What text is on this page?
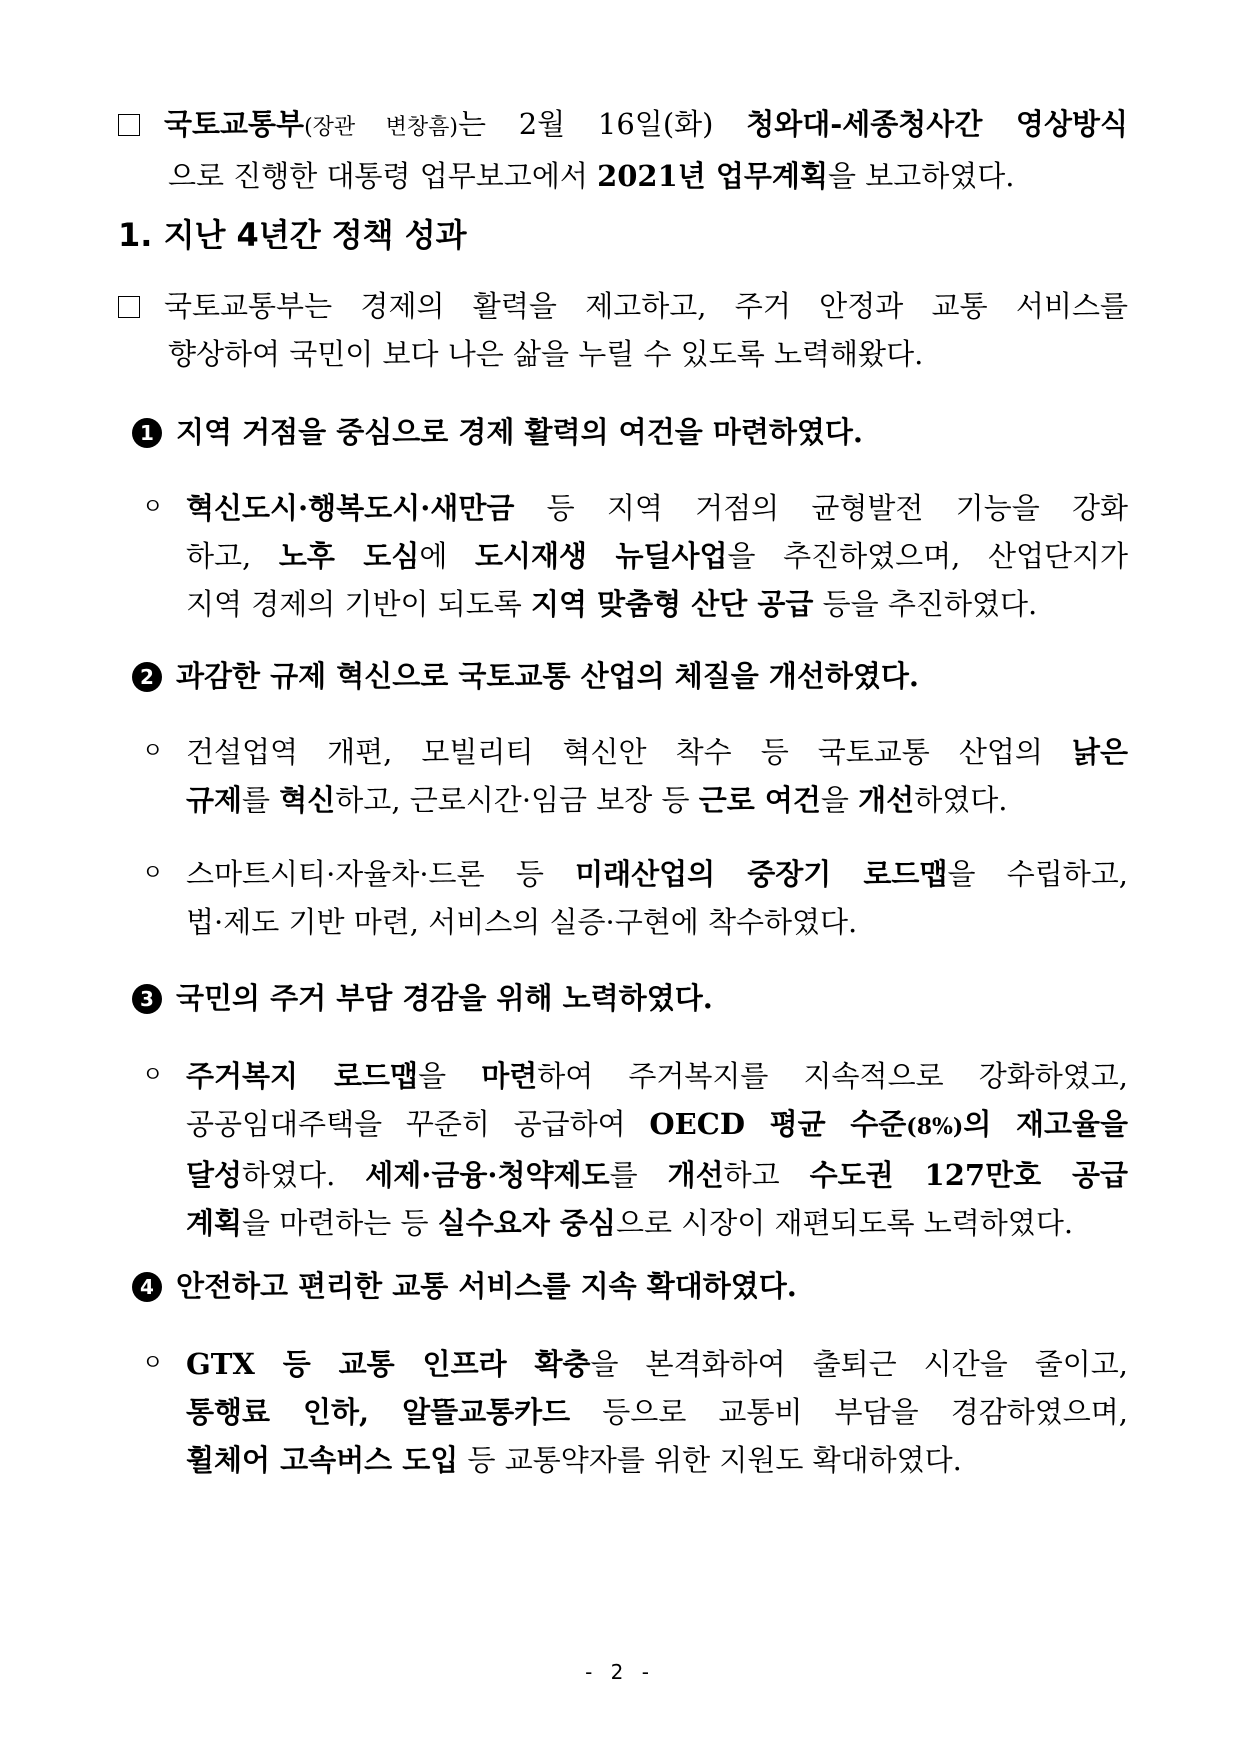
국토교통부(장관 변창흠)는 2월 16일(화) 청와대-세종청사간 영상방식
으로 진행한 대통령 업무보고에서 2021년 업무계획을 보고하였다.
1. 지난 4년간 정책 성과
국토교통부는 경제의 활력을 제고하고, 주거 안정과 교통 서비스를
향상하여 국민이 보다 나은 삶을 누릴 수 있도록 노력해왔다.
1 지역 거점을 중심으로 경제 활력의 여건을 마련하였다.
ㅇ 혁신도시·행복도시·새만금 등 지역 거점의 균형발전 기능을 강화
하고, 노후 도심에 도시재생 뉴딜사업을 추진하였으며, 산업단지가
지역 경제의 기반이 되도록 지역 맞춤형 산단 공급 등을 추진하였다.
2 과감한 규제 혁신으로 국토교통 산업의 체질을 개선하였다.
ㅇ 건설업역 개편, 모빌리티 혁신안 착수 등 국토교통 산업의 낡은
규제를 혁신하고, 근로시간·임금 보장 등 근로 여건을 개선하였다.
ㅇ 스마트시티·자율차·드론 등 미래산업의 중장기 로드맵을 수립하고,
법·제도 기반 마련, 서비스의 실증·구현에 착수하였다.
3 국민의 주거 부담 경감을 위해 노력하였다.
ㅇ 주거복지 로드맵을 마련하여 주거복지를 지속적으로 강화하였고,
공공임대주택을 꾸준히 공급하여 OECD 평균 수준(8%)의 재고율을
달성하였다. 세제·금융·청약제도를 개선하고 수도권 127만호 공급
계획을 마련하는 등 실수요자 중심으로 시장이 재편되도록 노력하였다.
4 안전하고 편리한 교통 서비스를 지속 확대하였다.
ㅇ GTX 등 교통 인프라 확충을 본격화하여 출퇴근 시간을 줄이고,
통행료 인하, 알뜰교통카드 등으로 교통비 부담을 경감하였으며,
휠체어 고속버스 도입 등 교통약자를 위한 지원도 확대하였다.
- 2 -
